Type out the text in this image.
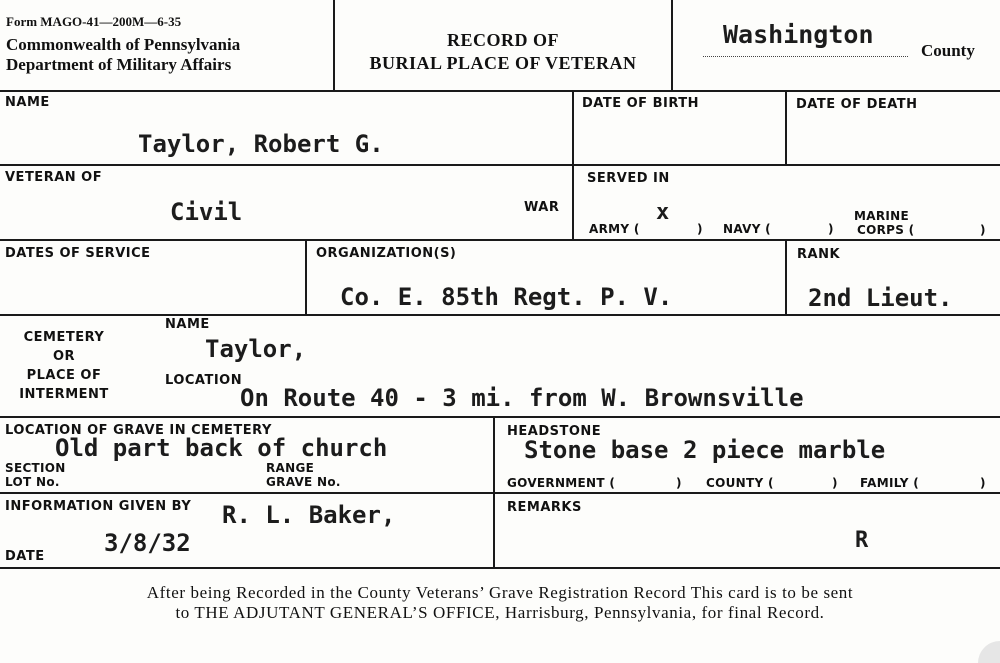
Form MAGO-41—200M—6-35
Commonwealth of Pennsylvania
Department of Military Affairs
RECORD OF
BURIAL PLACE OF VETERAN
Washington
County
NAME
Taylor, Robert G.
DATE OF BIRTH	DATE OF DEATH
VETERAN OF
Civil	WAR
SERVED IN
x
ARMY (	) NAVY (	)
MARINE
CORPS (	)
DATES OF SERVICE	ORGANIZATION(S)
Co. E. 85th Regt. P. V.
RANK
2nd Lieut.
CEMETERY
OR
PLACE OF
INTERMENT
NAME
Taylor,
LOCATION
On Route 40 - 3 mi. from W. Brownsville
LOCATION OF GRAVE IN CEMETERY
Old part back of church
SECTION
LOT No.
RANGE
GRAVE No.
HEADSTONE
Stone base 2 piece marble
GOVERNMENT (	) COUNTY (	) FAMILY (	)
INFORMATION GIVEN BY R. L. Baker,
3/8/32
DATE
REMARKS
R
After being Recorded in the County Veterans’ Grave Registration Record This card is to be sent
to THE ADJUTANT GENERAL’S OFFICE, Harrisburg, Pennsylvania, for final Record.
